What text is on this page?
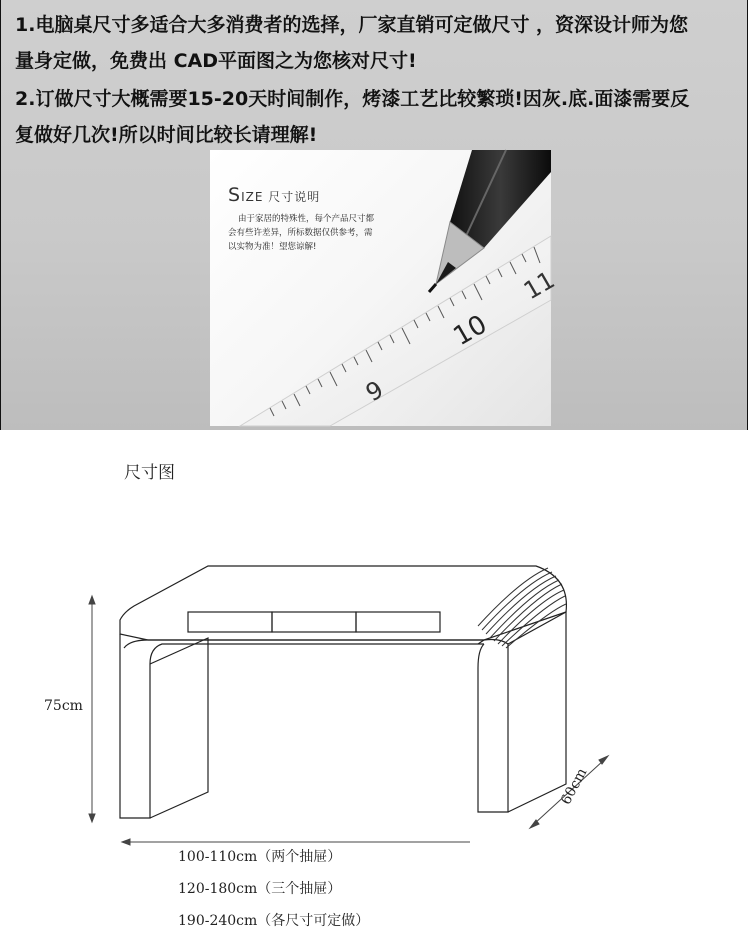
1.电脑桌尺寸多适合大多消费者的选择，厂家直销可定做尺寸 ，资深设计师为您
量身定做，免费出 CAD平面图之为您核对尺寸!
2.订做尺寸大概需要15-20天时间制作，烤漆工艺比较繁琐!因灰.底.面漆需要反
复做好几次!所以时间比较长请理解!
9
10
11
SIZE 尺寸说明
由于家居的特殊性，每个产品尺寸都会有些许差异，所标数据仅供参考，需以实物为准！望您谅解!
尺寸图
75cm
60cm
100-110cm（两个抽屉）
120-180cm（三个抽屉）
190-240cm（各尺寸可定做）
